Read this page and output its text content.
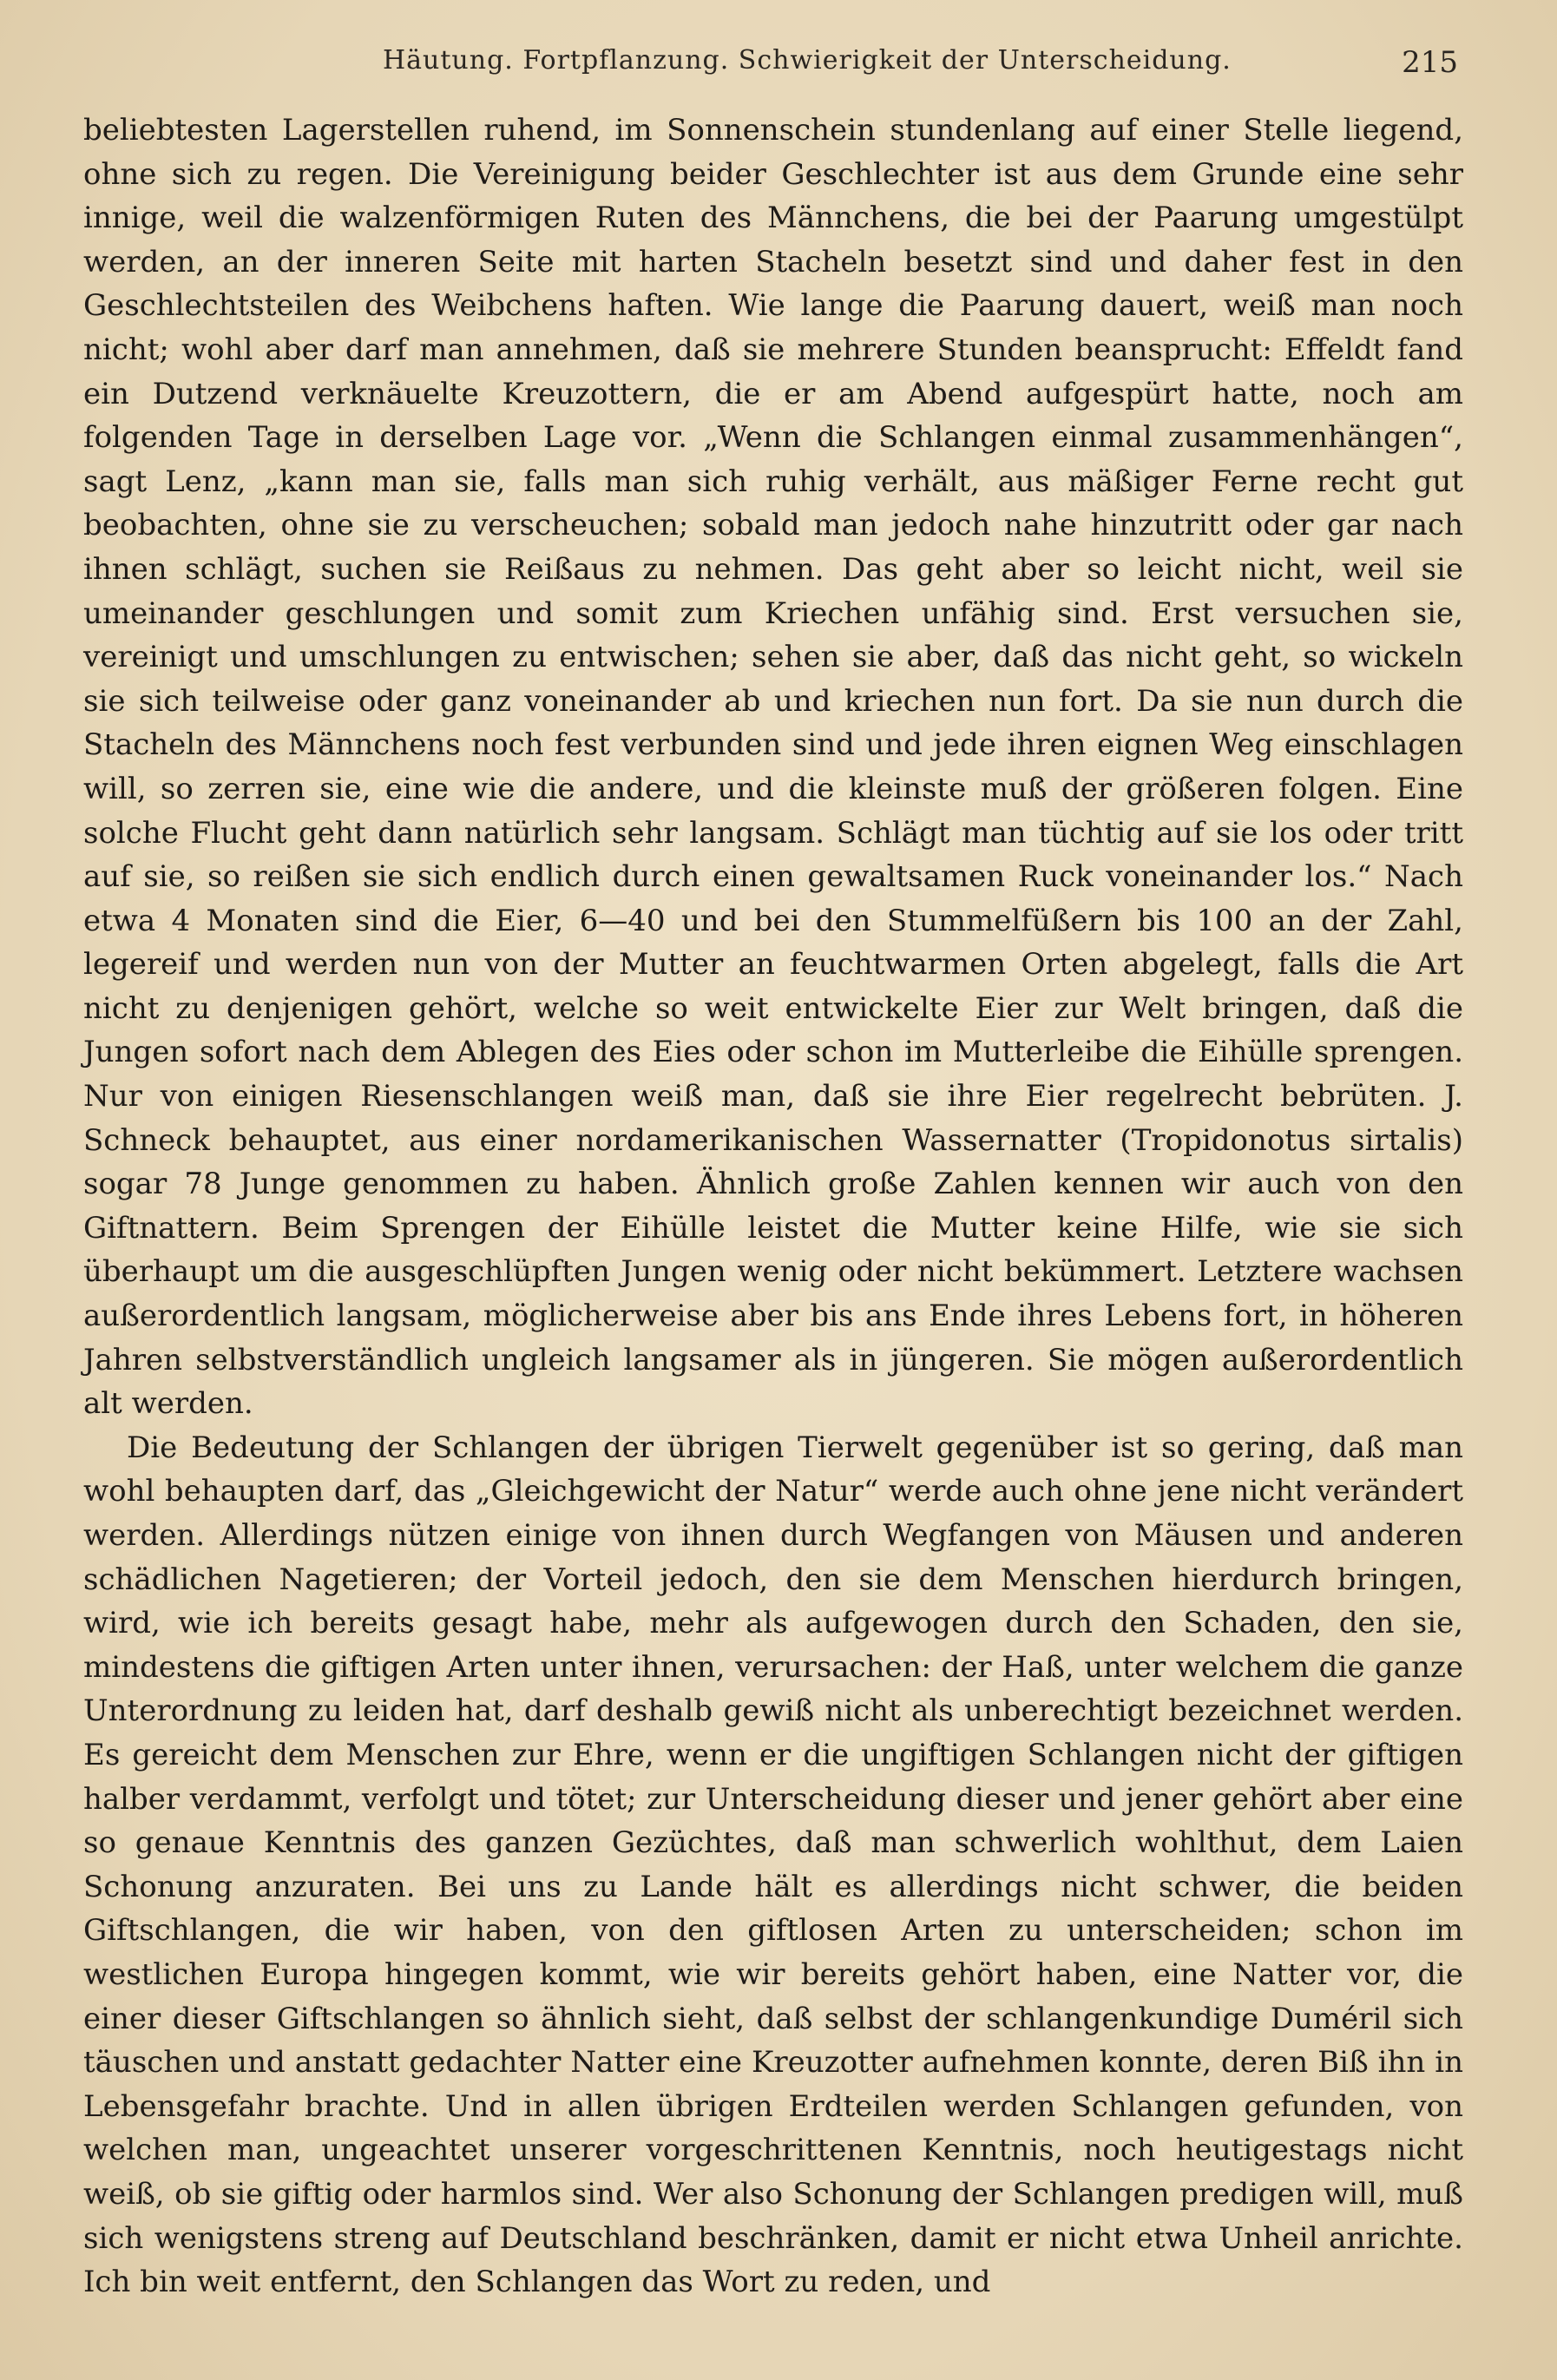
Häutung. Fortpflanzung. Schwierigkeit der Unterscheidung.	215

beliebtesten Lagerstellen ruhend, im Sonnenschein stundenlang auf einer Stelle liegend, ohne sich zu regen. Die Vereinigung beider Geschlechter ist aus dem Grunde eine sehr innige, weil die walzenförmigen Ruten des Männchens, die bei der Paarung umgestülpt werden, an der inneren Seite mit harten Stacheln besetzt sind und daher fest in den Geschlechtsteilen des Weibchens haften. Wie lange die Paarung dauert, weiß man noch nicht; wohl aber darf man annehmen, daß sie mehrere Stunden beansprucht: Effeldt fand ein Dutzend verknäuelte Kreuzottern, die er am Abend aufgespürt hatte, noch am folgenden Tage in derselben Lage vor. „Wenn die Schlangen einmal zusammenhängen“, sagt Lenz, „kann man sie, falls man sich ruhig verhält, aus mäßiger Ferne recht gut beobachten, ohne sie zu verscheuchen; sobald man jedoch nahe hinzutritt oder gar nach ihnen schlägt, suchen sie Reißaus zu nehmen. Das geht aber so leicht nicht, weil sie umeinander geschlungen und somit zum Kriechen unfähig sind. Erst versuchen sie, vereinigt und umschlungen zu entwischen; sehen sie aber, daß das nicht geht, so wickeln sie sich teilweise oder ganz voneinander ab und kriechen nun fort. Da sie nun durch die Stacheln des Männchens noch fest verbunden sind und jede ihren eignen Weg einschlagen will, so zerren sie, eine wie die andere, und die kleinste muß der größeren folgen. Eine solche Flucht geht dann natürlich sehr langsam. Schlägt man tüchtig auf sie los oder tritt auf sie, so reißen sie sich endlich durch einen gewaltsamen Ruck voneinander los.“ Nach etwa 4 Monaten sind die Eier, 6—40 und bei den Stummelfüßern bis 100 an der Zahl, legereif und werden nun von der Mutter an feuchtwarmen Orten abgelegt, falls die Art nicht zu denjenigen gehört, welche so weit entwickelte Eier zur Welt bringen, daß die Jungen sofort nach dem Ablegen des Eies oder schon im Mutterleibe die Eihülle sprengen. Nur von einigen Riesenschlangen weiß man, daß sie ihre Eier regelrecht bebrüten. J. Schneck behauptet, aus einer nordamerikanischen Wassernatter (Tropidonotus sirtalis) sogar 78 Junge genommen zu haben. Ähnlich große Zahlen kennen wir auch von den Giftnattern. Beim Sprengen der Eihülle leistet die Mutter keine Hilfe, wie sie sich überhaupt um die ausgeschlüpften Jungen wenig oder nicht bekümmert. Letztere wachsen außerordentlich langsam, möglicherweise aber bis ans Ende ihres Lebens fort, in höheren Jahren selbstverständlich ungleich langsamer als in jüngeren. Sie mögen außerordentlich alt werden.

Die Bedeutung der Schlangen der übrigen Tierwelt gegenüber ist so gering, daß man wohl behaupten darf, das „Gleichgewicht der Natur“ werde auch ohne jene nicht verändert werden. Allerdings nützen einige von ihnen durch Wegfangen von Mäusen und anderen schädlichen Nagetieren; der Vorteil jedoch, den sie dem Menschen hierdurch bringen, wird, wie ich bereits gesagt habe, mehr als aufgewogen durch den Schaden, den sie, mindestens die giftigen Arten unter ihnen, verursachen: der Haß, unter welchem die ganze Unterordnung zu leiden hat, darf deshalb gewiß nicht als unberechtigt bezeichnet werden. Es gereicht dem Menschen zur Ehre, wenn er die ungiftigen Schlangen nicht der giftigen halber verdammt, verfolgt und tötet; zur Unterscheidung dieser und jener gehört aber eine so genaue Kenntnis des ganzen Gezüchtes, daß man schwerlich wohlthut, dem Laien Schonung anzuraten. Bei uns zu Lande hält es allerdings nicht schwer, die beiden Giftschlangen, die wir haben, von den giftlosen Arten zu unterscheiden; schon im westlichen Europa hingegen kommt, wie wir bereits gehört haben, eine Natter vor, die einer dieser Giftschlangen so ähnlich sieht, daß selbst der schlangenkundige Duméril sich täuschen und anstatt gedachter Natter eine Kreuzotter aufnehmen konnte, deren Biß ihn in Lebensgefahr brachte. Und in allen übrigen Erdteilen werden Schlangen gefunden, von welchen man, ungeachtet unserer vorgeschrittenen Kenntnis, noch heutigestags nicht weiß, ob sie giftig oder harmlos sind. Wer also Schonung der Schlangen predigen will, muß sich wenigstens streng auf Deutschland beschränken, damit er nicht etwa Unheil anrichte. Ich bin weit entfernt, den Schlangen das Wort zu reden, und
